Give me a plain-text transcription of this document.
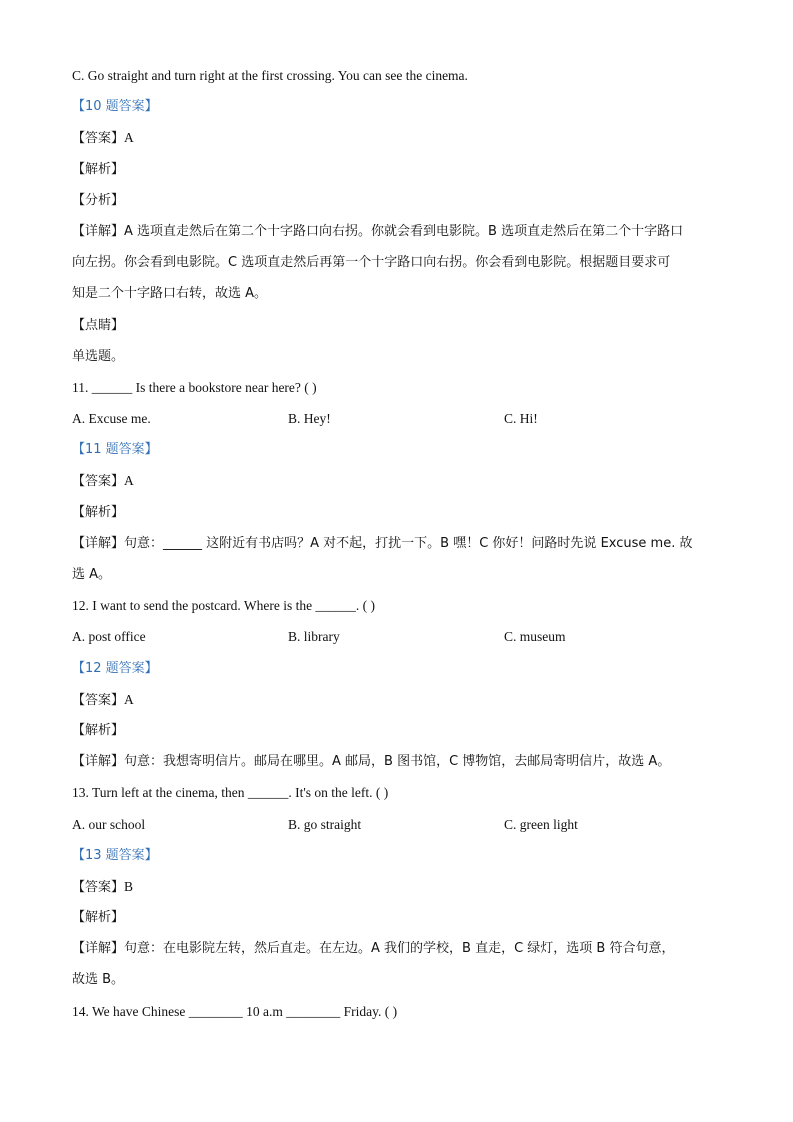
C. Go straight and turn right at the first crossing. You can see the cinema.
【10 题答案】
【答案】A
【解析】
【分析】
【详解】A 选项直走然后在第二个十字路口向右拐。你就会看到电影院。B 选项直走然后在第二个十字路口
向左拐。你会看到电影院。C 选项直走然后再第一个十字路口向右拐。你会看到电影院。根据题目要求可
知是二个十字路口右转，故选 A。
【点睛】
单选题。
11. ______ Is there a bookstore near here? ( )
A. Excuse me.	B. Hey!	C. Hi!
【11 题答案】
【答案】A
【解析】
【详解】句意：______ 这附近有书店吗？A 对不起，打扰一下。B 嘿！C 你好！问路时先说 Excuse me. 故
选 A。
12. I want to send the postcard. Where is the ______. ( )
A. post office	B. library	C. museum
【12 题答案】
【答案】A
【解析】
【详解】句意：我想寄明信片。邮局在哪里。A 邮局，B 图书馆，C 博物馆，去邮局寄明信片，故选 A。
13. Turn left at the cinema, then ______. It's on the left. ( )
A. our school	B. go straight	C. green light
【13 题答案】
【答案】B
【解析】
【详解】句意：在电影院左转，然后直走。在左边。A 我们的学校，B 直走，C 绿灯，选项 B 符合句意，
故选 B。
14. We have Chinese ________ 10 a.m ________ Friday. ( )
